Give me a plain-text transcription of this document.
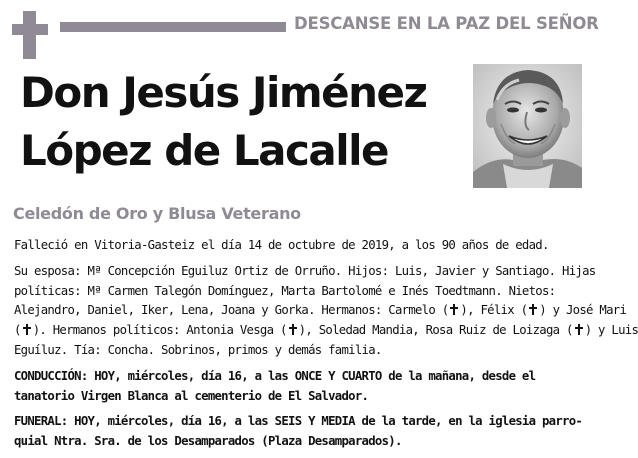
DESCANSE EN LA PAZ DEL SEÑOR
Don Jesús Jiménez
López de Lacalle
Celedón de Oro y Blusa Veterano

Falleció en Vitoria-Gasteiz el día 14 de octubre de 2019, a los 90 años de edad.

Su esposa: Mª Concepción Eguiluz Ortiz de Orruño. Hijos: Luis, Javier y Santiago. Hijas
políticas: Mª Carmen Talegón Domínguez, Marta Bartolomé e Inés Toedtmann. Nietos:
Alejandro, Daniel, Iker, Lena, Joana y Gorka. Hermanos: Carmelo ( ), Félix ( ) y José Mari
( ). Hermanos políticos: Antonia Vesga ( ), Soledad Mandia, Rosa Ruiz de Loizaga ( ) y Luis
Eguíluz. Tía: Concha. Sobrinos, primos y demás familia.

CONDUCCIÓN: HOY, miércoles, día 16, a las ONCE Y CUARTO de la mañana, desde el
tanatorio Virgen Blanca al cementerio de El Salvador.

FUNERAL: HOY, miércoles, día 16, a las SEIS Y MEDIA de la tarde, en la iglesia parro-
quial Ntra. Sra. de los Desamparados (Plaza Desamparados).
